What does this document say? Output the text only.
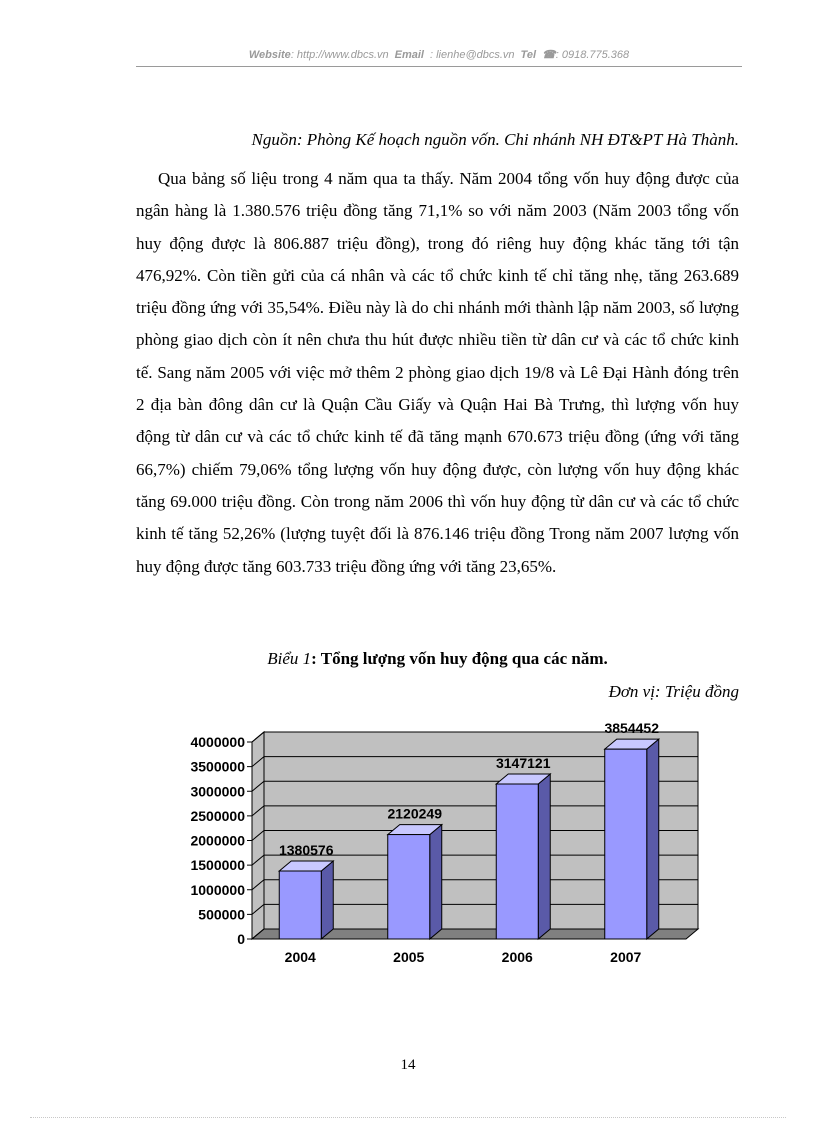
Website: http://www.dbcs.vn Email : lienhe@dbcs.vn Tel ☎: 0918.775.368
Nguồn: Phòng Kế hoạch nguồn vốn. Chi nhánh NH ĐT&PT Hà Thành.

Qua bảng số liệu trong 4 năm qua ta thấy. Năm 2004 tổng vốn huy động được của ngân hàng là 1.380.576 triệu đồng tăng 71,1% so với năm 2003 (Năm 2003 tổng vốn huy động được là 806.887 triệu đồng), trong đó riêng huy động khác tăng tới tận 476,92%. Còn tiền gửi của cá nhân và các tổ chức kinh tế chỉ tăng nhẹ, tăng 263.689 triệu đồng ứng với 35,54%. Điều này là do chi nhánh mới thành lập năm 2003, số lượng phòng giao dịch còn ít nên chưa thu hút được nhiều tiền từ dân cư và các tổ chức kinh tế. Sang năm 2005 với việc mở thêm 2 phòng giao dịch 19/8 và Lê Đại Hành đóng trên 2 địa bàn đông dân cư là Quận Cầu Giấy và Quận Hai Bà Trưng, thì lượng vốn huy động từ dân cư và các tổ chức kinh tế đã tăng mạnh 670.673 triệu đồng (ứng với tăng 66,7%) chiếm 79,06% tổng lượng vốn huy động được, còn lượng vốn huy động khác tăng 69.000 triệu đồng. Còn trong năm 2006 thì vốn huy động từ dân cư và các tổ chức kinh tế tăng 52,26% (lượng tuyệt đối là 876.146 triệu đồng Trong năm 2007 lượng vốn huy động được tăng 603.733 triệu đồng ứng với tăng 23,65%.

Biểu 1: Tổng lượng vốn huy động qua các năm.
Đơn vị: Triệu đồng
0
500000
1000000
1500000
2000000
2500000
3000000
3500000
4000000
1380576
2004
2120249
2005
3147121
2006
3854452
2007
14
